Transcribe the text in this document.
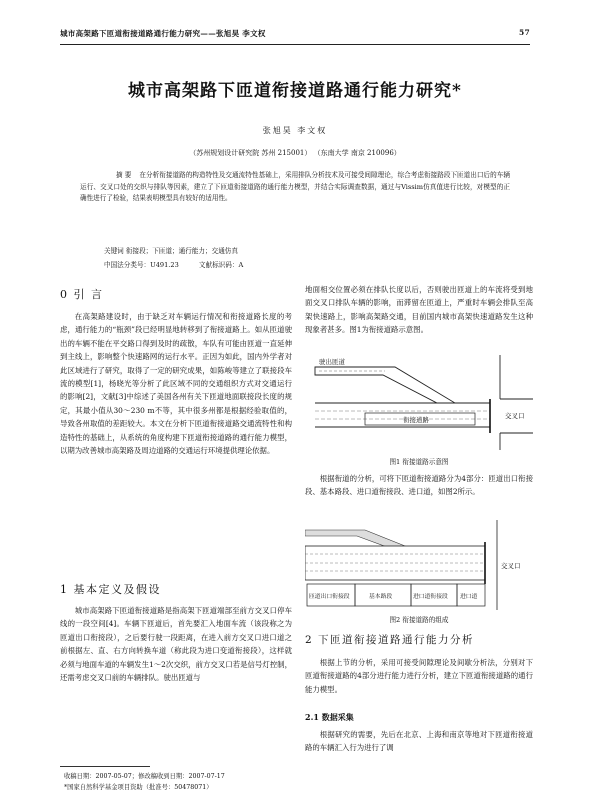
城市高架路下匝道衔接道路通行能力研究——张旭昊 李文权	57
城市高架路下匝道衔接道路通行能力研究*
张旭昊 李文权
（苏州规划设计研究院 苏州 215001） （东南大学 南京 210096）
摘 要 在分析衔接道路的构造特性及交通流特性基础上，采用排队分析技术及可接受间隙理论，综合考虑衔接路段下匝道出口后的车辆运行、交叉口处的交织与排队等因素，建立了下匝道衔接道路的通行能力模型，并结合实际调查数据，通过与Vissim仿真值进行比较，对模型的正确性进行了检验，结果表明模型具有较好的适用性。
关键词 衔接段；下匝道；通行能力；交通仿真
中国法分类号：U491.23	文献标识码：A
0 引 言

在高架路建设时，由于缺乏对车辆运行情况和衔接道路长度的考虑，通行能力的“瓶颈”段已经明显地转移到了衔接道路上。如从匝道驶出的车辆不能在平交路口得到及时的疏散，车队有可能由匝道一直延伸到主线上，影响整个快速路网的运行水平。正因为如此，国内外学者对此区域进行了研究，取得了一定的研究成果，如陈峻等建立了联接段车流的模型[1]，杨晓光等分析了此区域不同的交通组织方式对交通运行的影响[2]，文献[3]中综述了美国各州有关下匝道地面联接段长度的规定，其最小值从30～230 m不等，其中很多州都是根据经验取值的，导致各州取值的差距较大。本文在分析下匝道衔接道路交通流特性和构造特性的基础上，从系统的角度构建下匝道衔接道路的通行能力模型，以期为改善城市高架路及周边道路的交通运行环境提供理论依据。

1 基本定义及假设

城市高架路下匝道衔接道路是指高架下匝道端部至前方交叉口停车线的一段空间[4]。车辆下匝道后，首先要汇入地面车流（该段称之为匝道出口衔接段），之后要行驶一段距离，在进入前方交叉口进口道之前根据左、直、右方向转换车道（称此段为进口变道衔接段），这样就必须与地面车道的车辆发生1～2次交织，前方交叉口若是信号灯控制，还需考虑交叉口前的车辆排队。驶出匝道与

地面相交位置必须在排队长度以后，否则驶出匝道上的车流将受到地面交叉口排队车辆的影响，而滞留在匝道上，严重时车辆会排队至高架快速路上，影响高架路交通，目前国内城市高架快速道路发生这种现象者甚多。图1为衔接道路示意图。

驶出匝道
衔接道路	交叉口
图1 衔接道路示意图

根据衔道的分析，可将下匝道衔接道路分为4部分：匝道出口衔接段、基本路段、进口道衔接段、进口道，如图2所示。

匝道出口衔接段	基本路段	进口道衔接段 进口道
交叉口
图2 衔接道路的组成
2 下匝道衔接道路通行能力分析

根据上节的分析，采用可接受间隙理论及间歇分析法，分别对下匝道衔接道路的4部分进行能力进行分析，建立下匝道衔接道路的通行能力模型。

2.1 数据采集

根据研究的需要，先后在北京、上海和南京等地对下匝道衔接道路的车辆汇入行为进行了调

收稿日期：2007-05-07；修改稿收到日期：2007-07-17
*国家自然科学基金项目资助（批准号：50478071）
